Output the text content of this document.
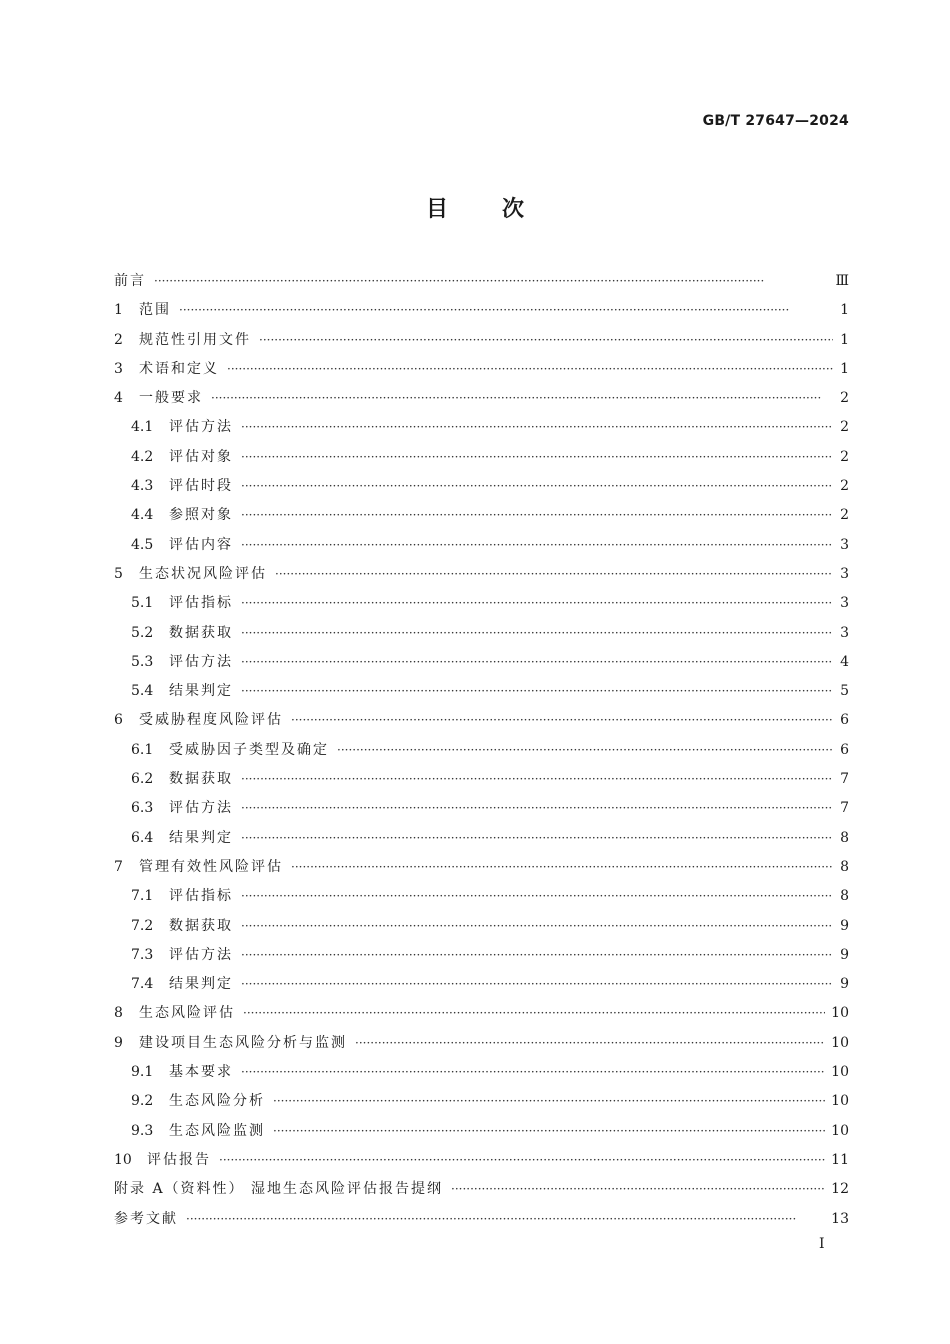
GB/T 27647—2024
目 次
前言 ·····	Ⅲ
1	范围 ·····	1
2	规范性引用文件 ·····	1
3	术语和定义 ·····	1
4	一般要求 ·····	2
4.1	评估方法 ·····	2
4.2	评估对象 ·····	2
4.3	评估时段 ·····	2
4.4	参照对象 ·····	2
4.5	评估内容 ·····	3
5	生态状况风险评估 ·····	3
5.1	评估指标 ·····	3
5.2	数据获取 ·····	3
5.3	评估方法 ·····	4
5.4	结果判定 ·····	5
6	受威胁程度风险评估 ·····	6
6.1	受威胁因子类型及确定 ·····	6
6.2	数据获取 ·····	7
6.3	评估方法 ·····	7
6.4	结果判定 ·····	8
7	管理有效性风险评估 ·····	8
7.1	评估指标 ·····	8
7.2	数据获取 ·····	9
7.3	评估方法 ·····	9
7.4	结果判定 ·····	9
8	生态风险评估 ·····	10
9	建设项目生态风险分析与监测 ·····	10
9.1	基本要求 ·····	10
9.2	生态风险分析 ·····	10
9.3	生态风险监测 ·····	10
10	评估报告 ·····	11
附录 A（资料性） 湿地生态风险评估报告提纲 ·····	12
参考文献 ·····	13
I
